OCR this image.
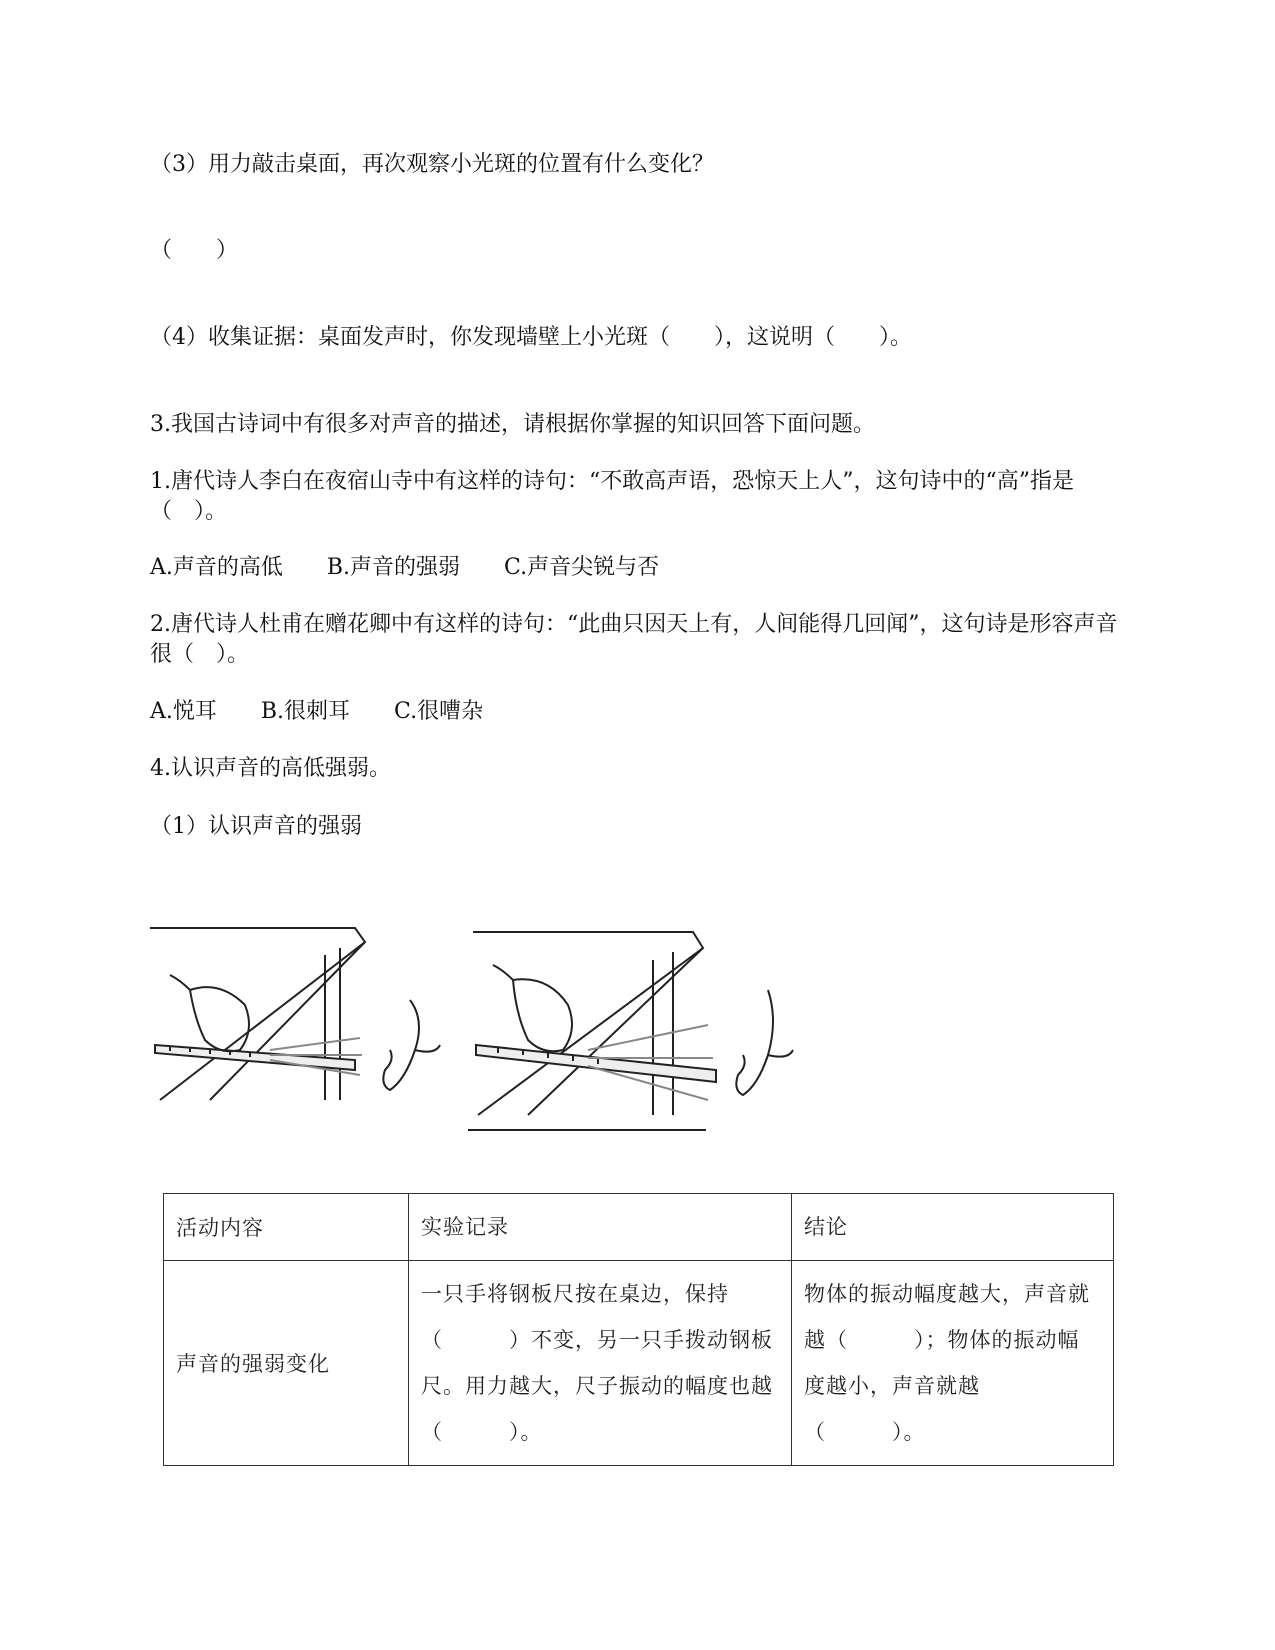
（3）用力敲击桌面，再次观察小光斑的位置有什么变化？

（　　）

（4）收集证据：桌面发声时，你发现墙壁上小光斑（　　），这说明（　　）。

3.我国古诗词中有很多对声音的描述，请根据你掌握的知识回答下面问题。

1.唐代诗人李白在夜宿山寺中有这样的诗句：“不敢高声语，恐惊天上人”，这句诗中的“高”指是（　）。

A.声音的高低　　B.声音的强弱　　C.声音尖锐与否

2.唐代诗人杜甫在赠花卿中有这样的诗句：“此曲只因天上有，人间能得几回闻”，这句诗是形容声音很（　）。

A.悦耳　　B.很刺耳　　C.很嘈杂

4.认识声音的高低强弱。

（1）认识声音的强弱

活动内容	实验记录	结论
声音的强弱变化	一只手将钢板尺按在桌边，保持（　　　）不变，另一只手拨动钢板尺。用力越大，尺子振动的幅度也越（　　　）。	物体的振动幅度越大，声音就越（　　　）；物体的振动幅度越小，声音就越（　　　）。
